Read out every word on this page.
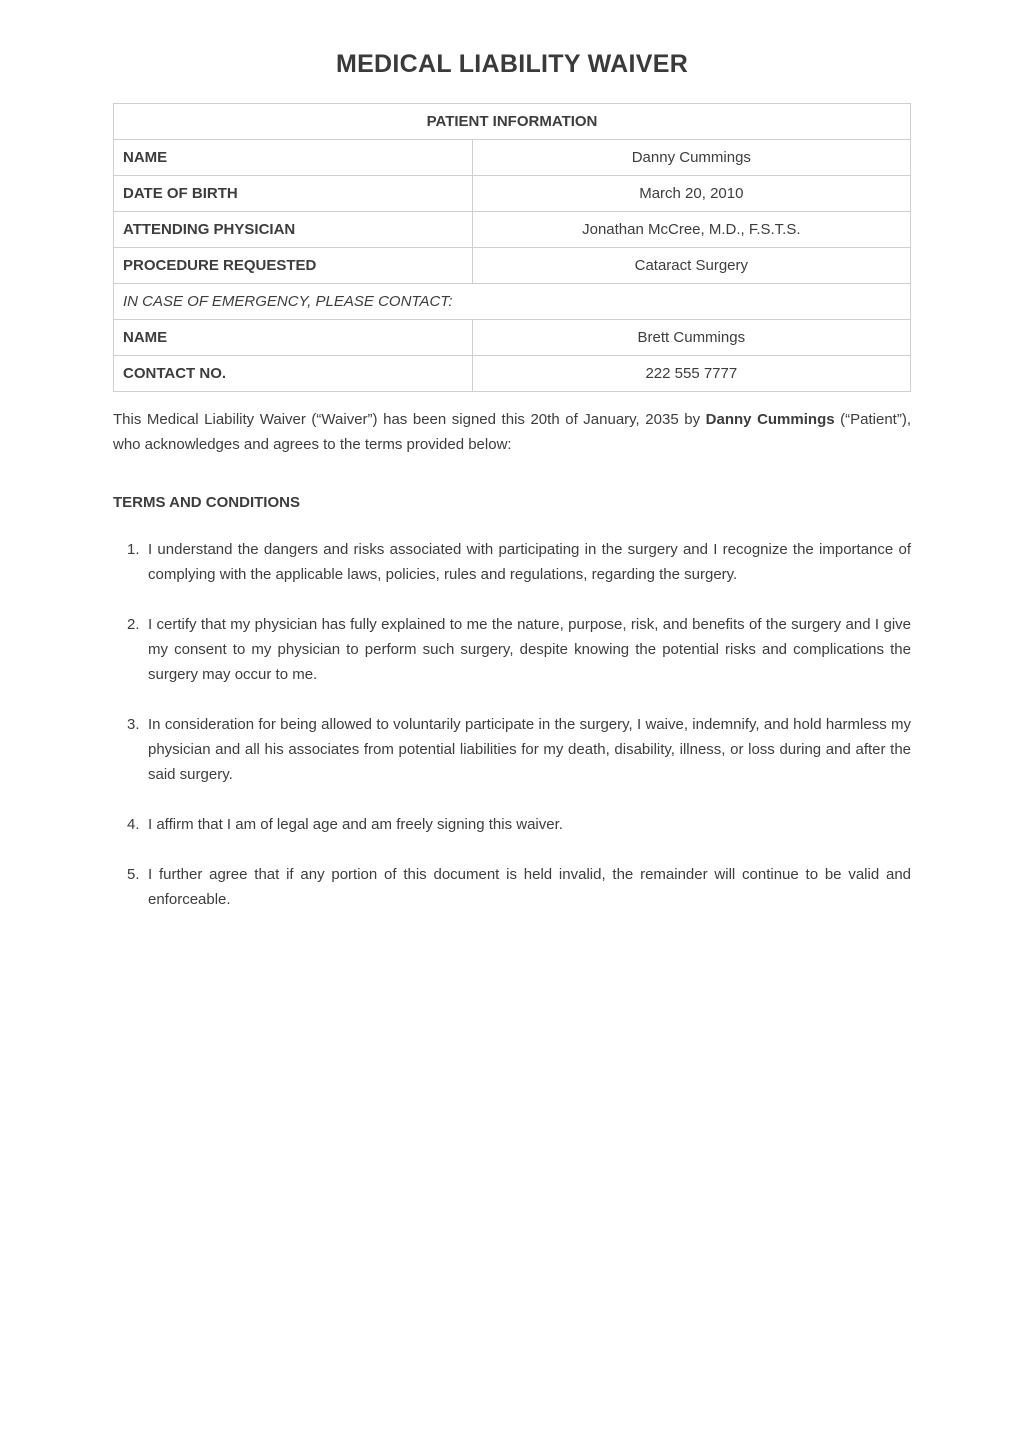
MEDICAL LIABILITY WAIVER
PATIENT INFORMATION	
NAME	Danny Cummings
DATE OF BIRTH	March 20, 2010
ATTENDING PHYSICIAN	Jonathan McCree, M.D., F.S.T.S.
PROCEDURE REQUESTED	Cataract Surgery
IN CASE OF EMERGENCY, PLEASE CONTACT:	
NAME	Brett Cummings
CONTACT NO.	222 555 7777

This Medical Liability Waiver (“Waiver”) has been signed this 20th of January, 2035 by Danny Cummings (“Patient”), who acknowledges and agrees to the terms provided below:

TERMS AND CONDITIONS
1. I understand the dangers and risks associated with participating in the surgery and I recognize the importance of complying with the applicable laws, policies, rules and regulations, regarding the surgery.
2. I certify that my physician has fully explained to me the nature, purpose, risk, and benefits of the surgery and I give my consent to my physician to perform such surgery, despite knowing the potential risks and complications the surgery may occur to me.
3. In consideration for being allowed to voluntarily participate in the surgery, I waive, indemnify, and hold harmless my physician and all his associates from potential liabilities for my death, disability, illness, or loss during and after the said surgery.
4. I affirm that I am of legal age and am freely signing this waiver.
5. I further agree that if any portion of this document is held invalid, the remainder will continue to be valid and enforceable.
